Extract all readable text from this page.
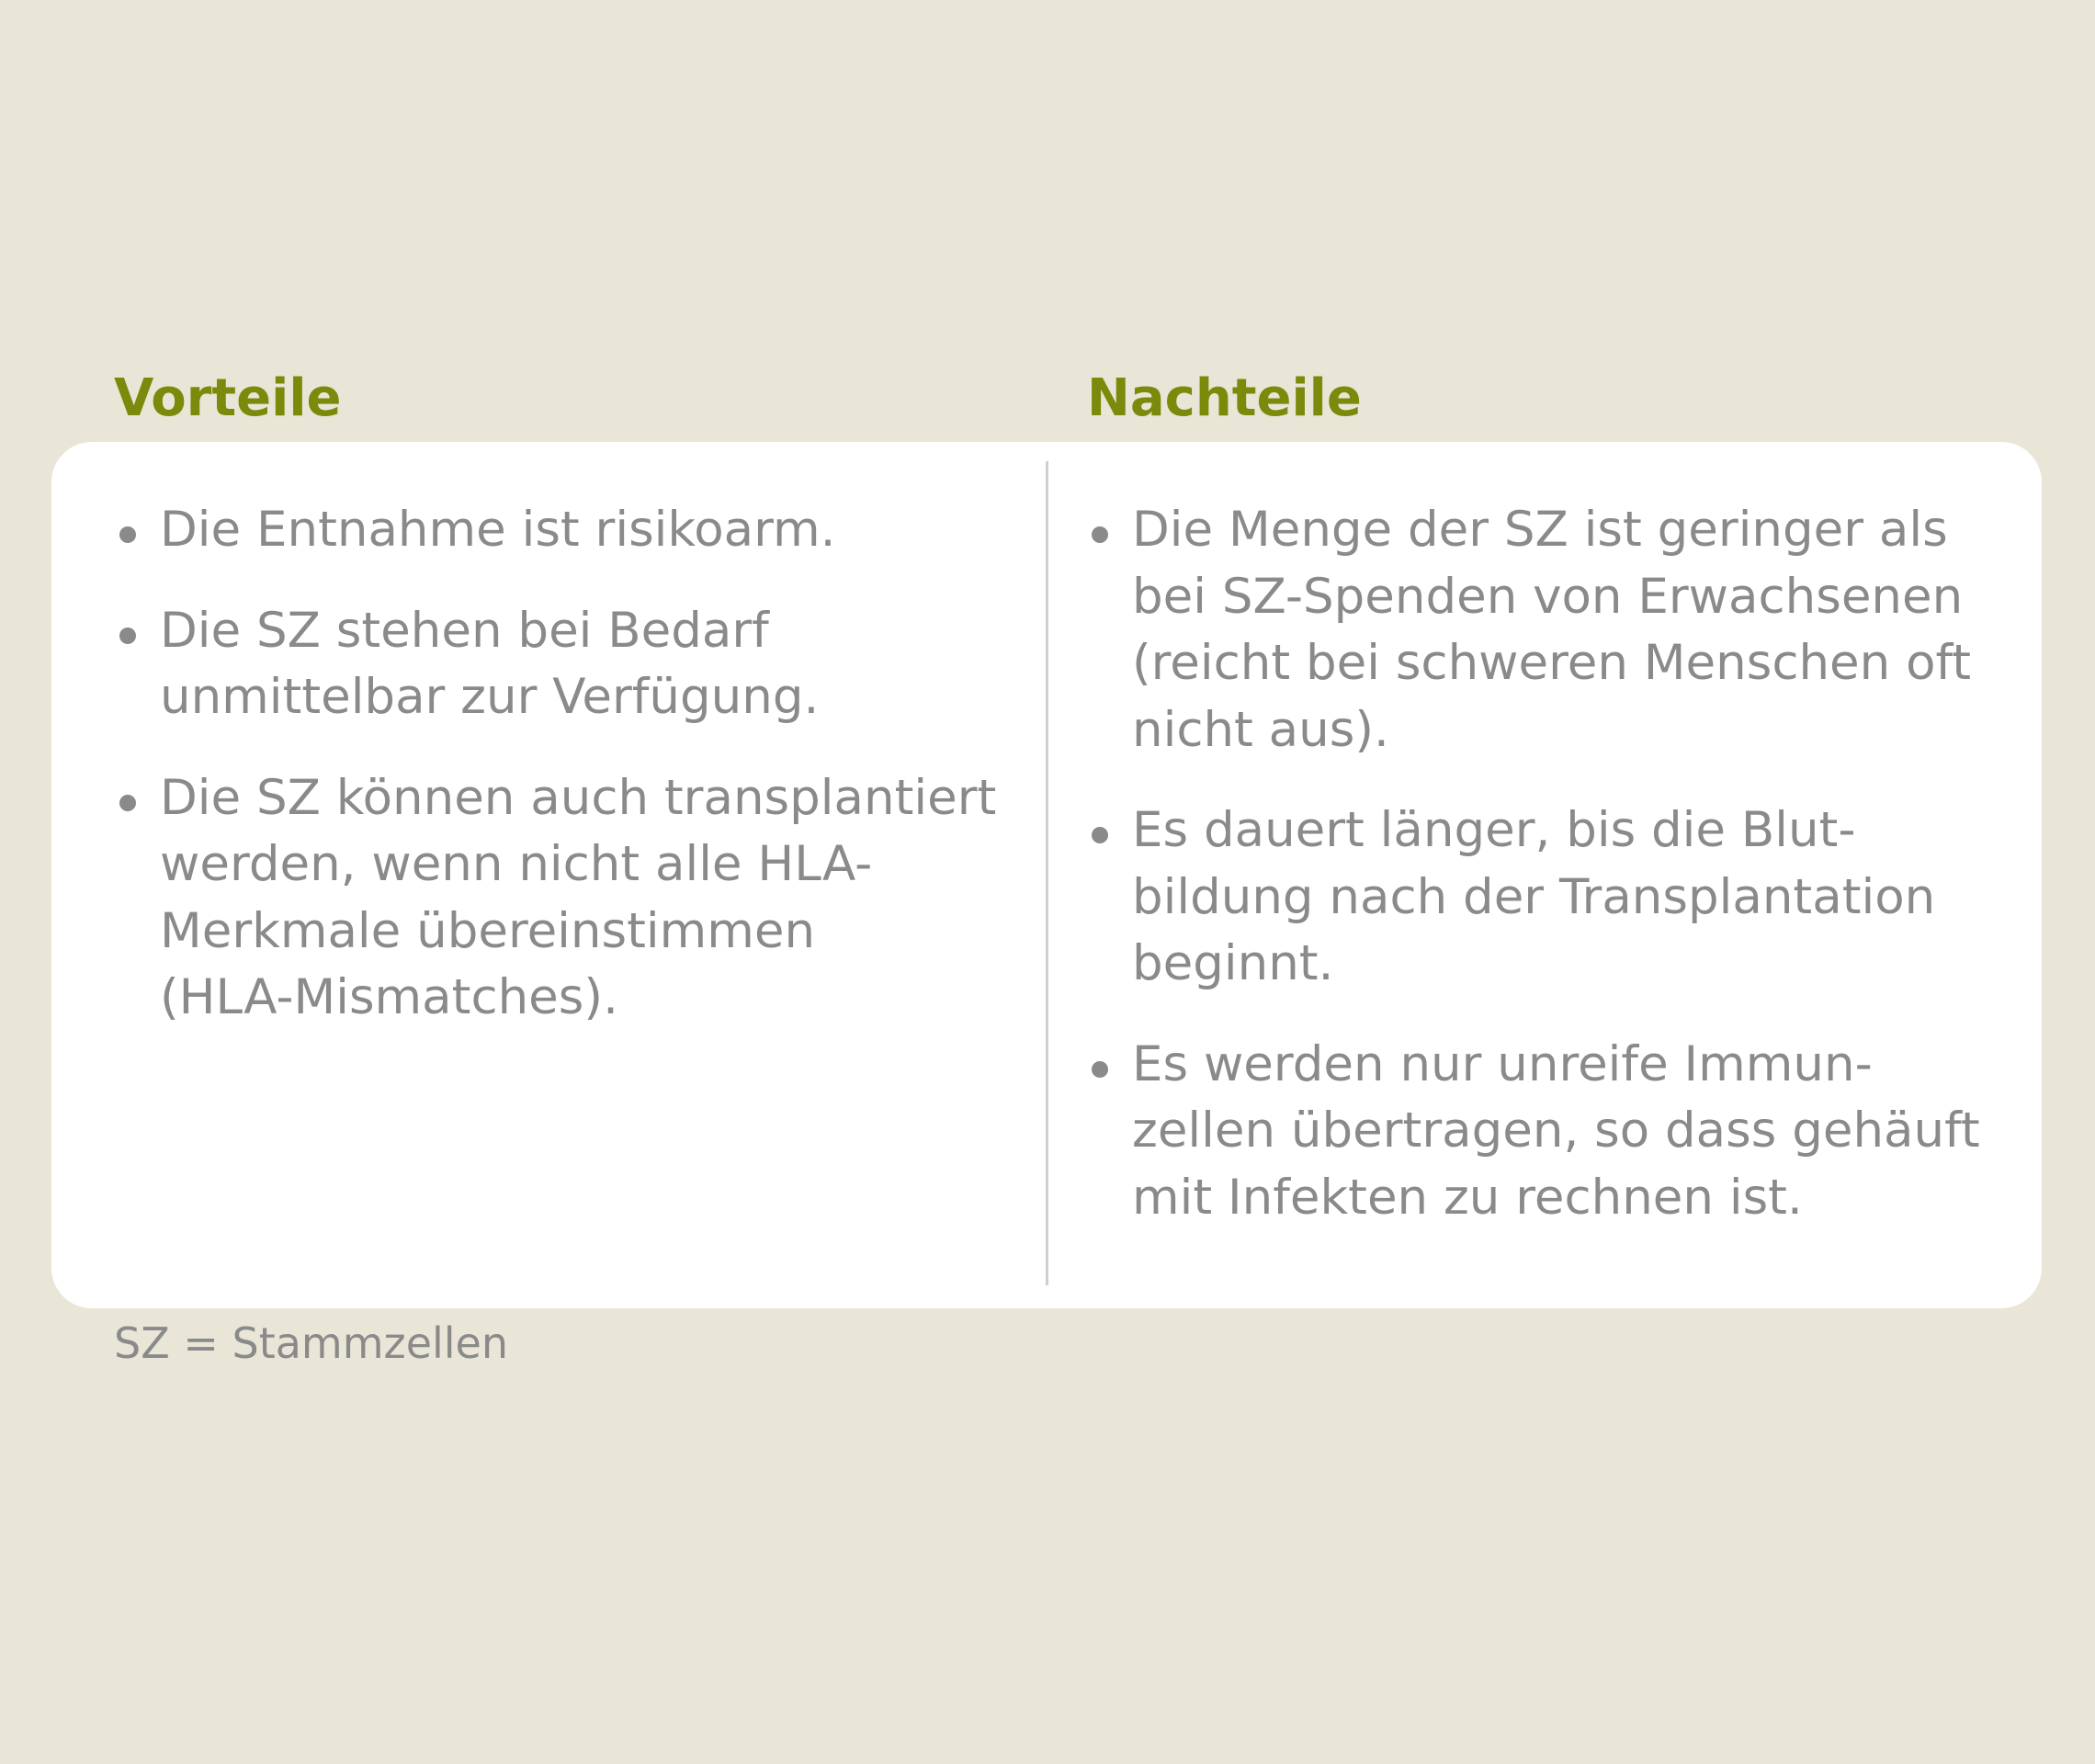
Vorteile	Nachteile
Die Entnahme ist risikoarm.
Die SZ stehen bei Bedarf
unmittelbar zur Verfügung.
Die SZ können auch transplantiert
werden, wenn nicht alle HLA-
Merkmale übereinstimmen
(HLA-Mismatches).
Die Menge der SZ ist geringer als
bei SZ-Spenden von Erwachsenen
(reicht bei schweren Menschen oft
nicht aus).
Es dauert länger, bis die Blut-
bildung nach der Transplantation
beginnt.
Es werden nur unreife Immun-
zellen übertragen, so dass gehäuft
mit Infekten zu rechnen ist.

SZ = Stammzellen
